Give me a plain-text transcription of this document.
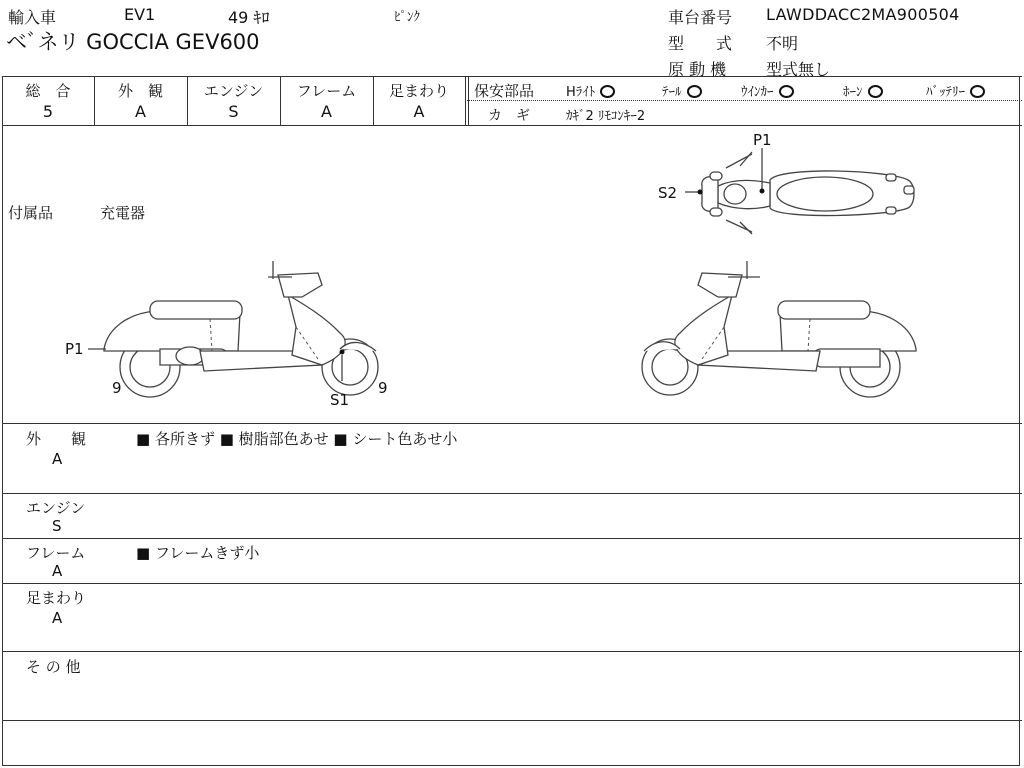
輸入車	EV1	49 ｷﾛ	ﾋﾟﾝｸ
ベﾞネリ GOCCIA GEV600
車台番号 LAWDDACC2MA900504
型　　式 不明
原 動 機 型式無し
総　合	外　観	エンジン	フレーム	足まわり
5	A	S	A	A
保安部品 Hﾗｲﾄ	ﾃｰﾙ	ｳｲﾝｶｰ	ﾎｰﾝ	ﾊﾞｯﾃﾘｰ
カ　ギ	ｶｷﾞ2 ﾘﾓｺﾝｷｰ2
付属品	充電器
P1
S2
P1
9	9
S1
外　　観
A
■ 各所きず ■ 樹脂部色あせ ■ シート色あせ小
エンジン
S
フレーム
A
■ フレームきず小
足まわり
A
そ の 他
